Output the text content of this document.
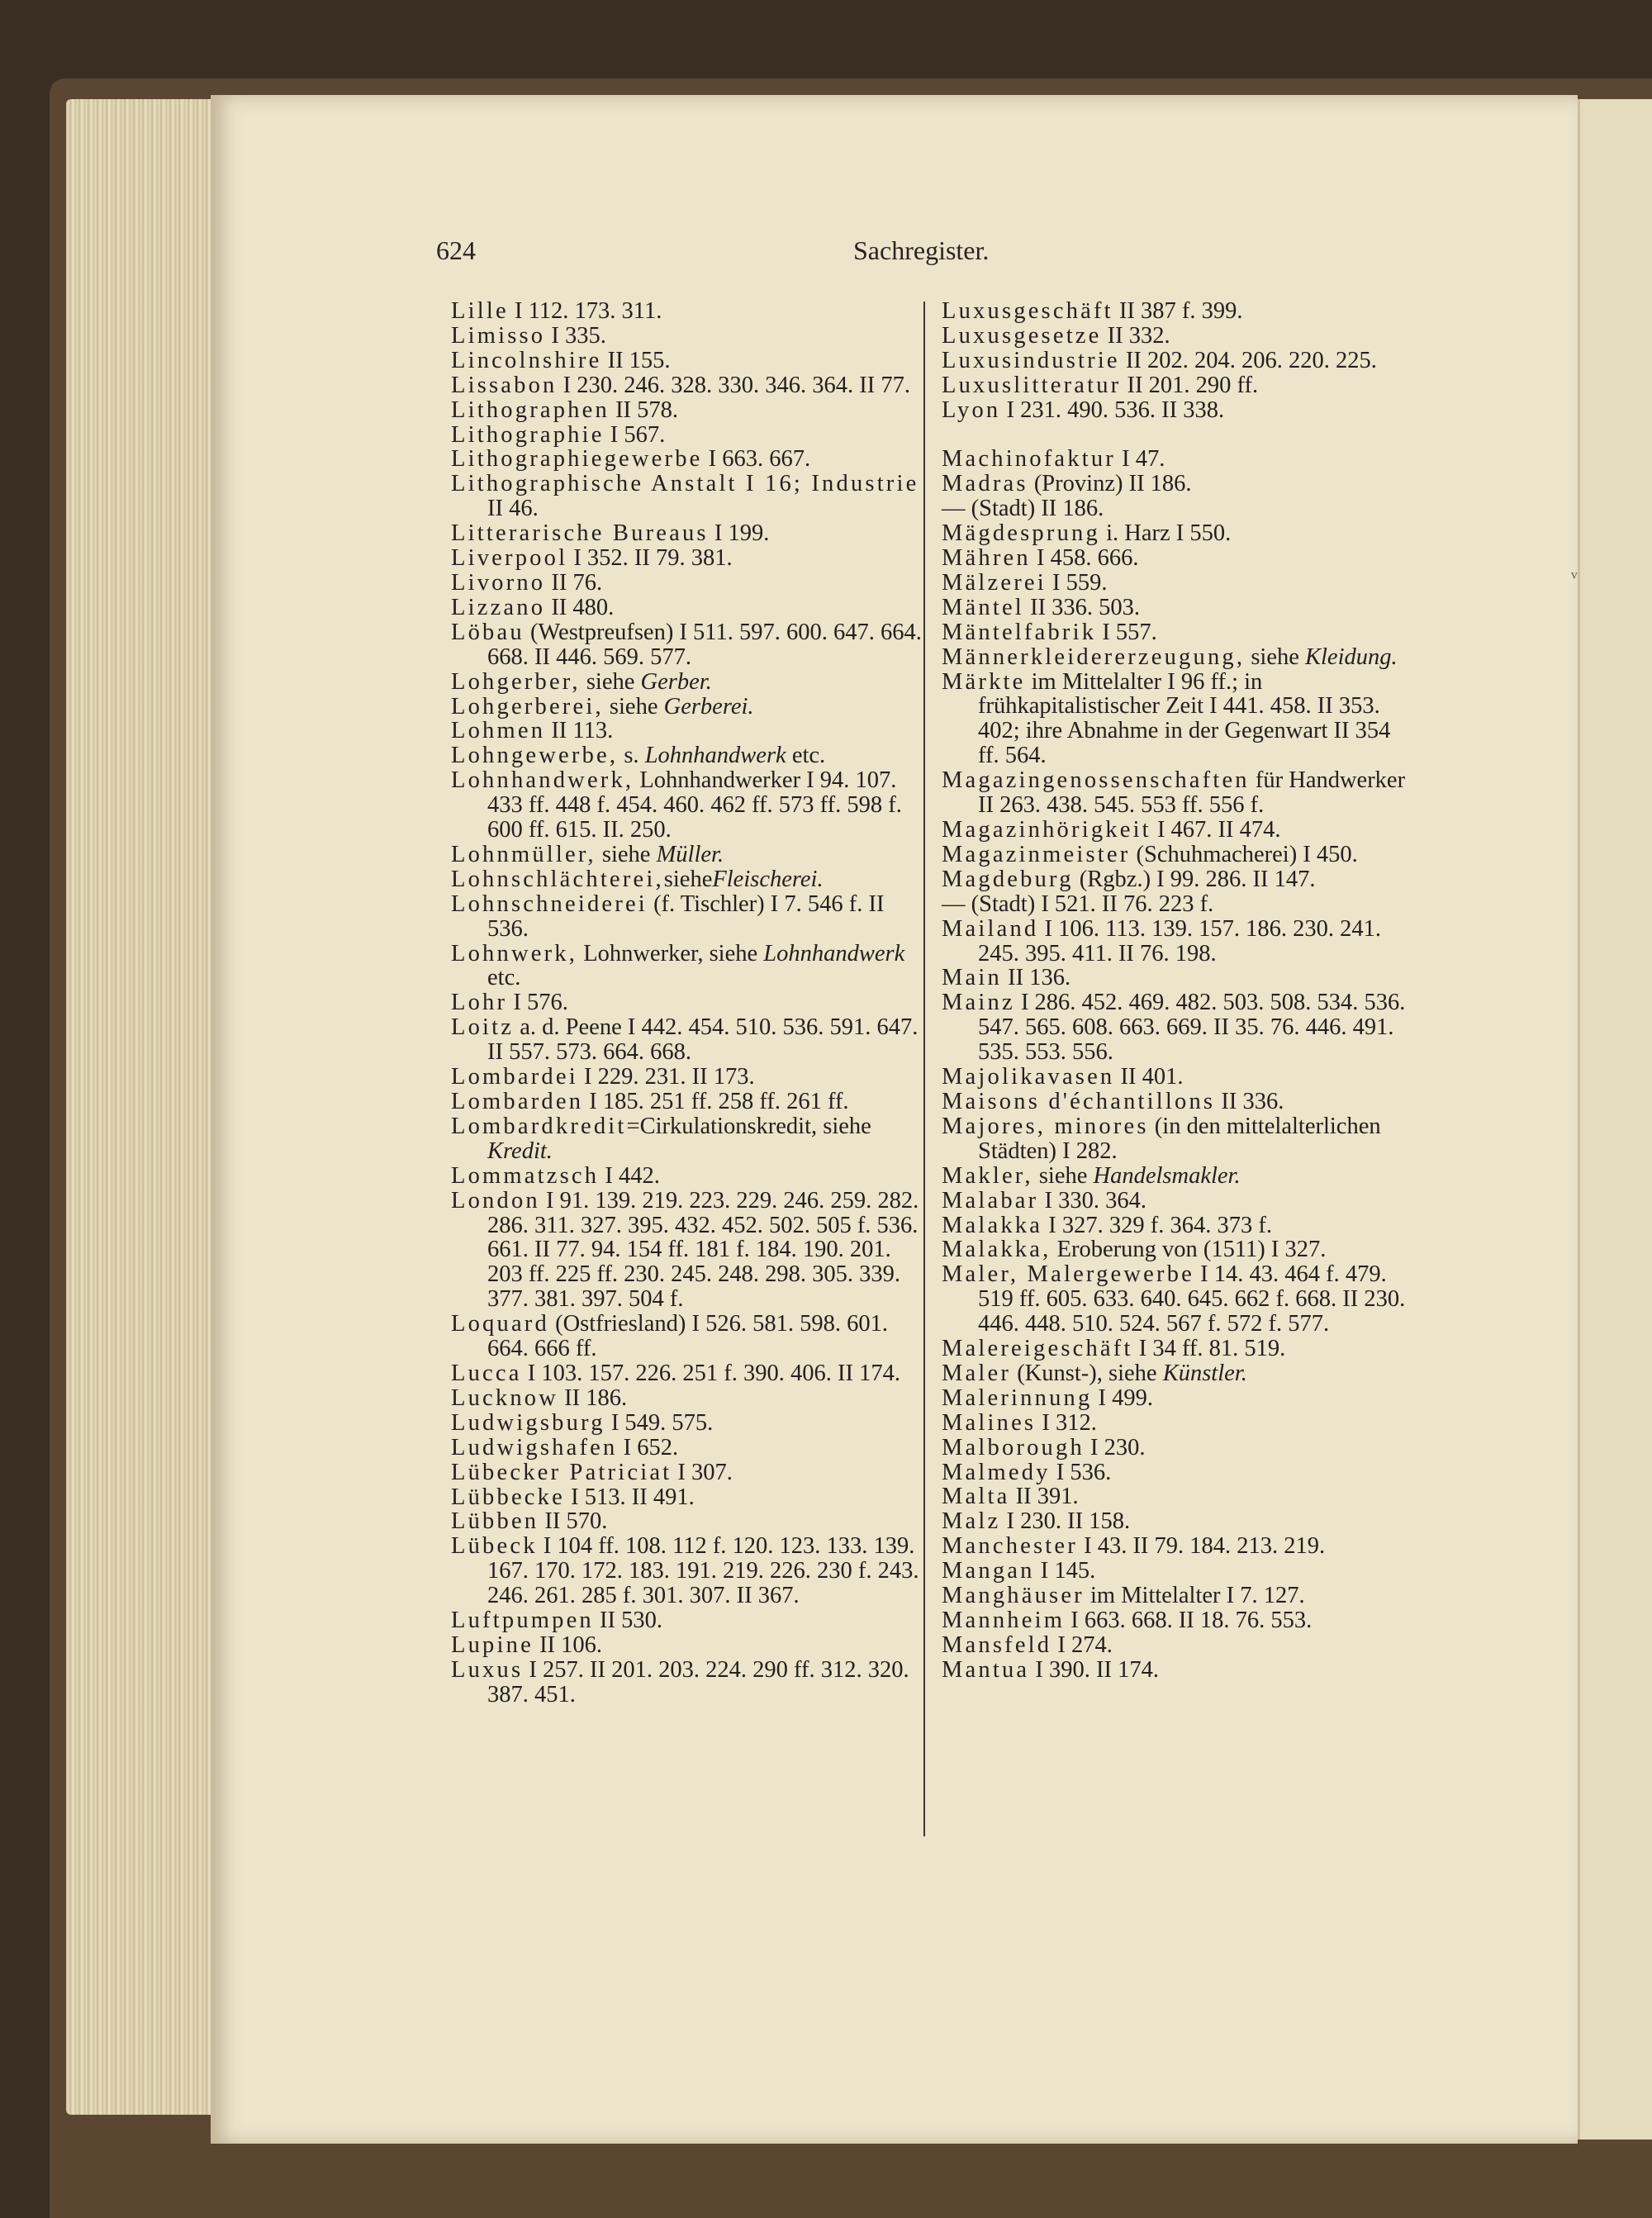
624	Sachregister.
Lille I 112. 173. 311.
Limisso I 335.
Lincolnshire II 155.
Lissabon I 230. 246. 328. 330. 346. 364. II 77.
Lithographen II 578.
Lithographie I 567.
Lithographiegewerbe I 663. 667.
Lithographische Anstalt I 16; Industrie II 46.
Litterarische Bureaus I 199.
Liverpool I 352. II 79. 381.
Livorno II 76.
Lizzano II 480.
Löbau (Westpreufsen) I 511. 597. 600. 647. 664. 668. II 446. 569. 577.
Lohgerber, siehe Gerber.
Lohgerberei, siehe Gerberei.
Lohmen II 113.
Lohngewerbe, s. Lohnhandwerk etc.
Lohnhandwerk, Lohnhandwerker I 94. 107. 433 ff. 448 f. 454. 460. 462 ff. 573 ff. 598 f. 600 ff. 615. II. 250.
Lohnmüller, siehe Müller.
Lohnschlächterei,sieheFleischerei.
Lohnschneiderei (f. Tischler) I 7. 546 f. II 536.
Lohnwerk, Lohnwerker, siehe Lohnhandwerk etc.
Lohr I 576.
Loitz a. d. Peene I 442. 454. 510. 536. 591. 647. II 557. 573. 664. 668.
Lombardei I 229. 231. II 173.
Lombarden I 185. 251 ff. 258 ff. 261 ff.
Lombardkredit=Cirkulationskredit, siehe Kredit.
Lommatzsch I 442.
London I 91. 139. 219. 223. 229. 246. 259. 282. 286. 311. 327. 395. 432. 452. 502. 505 f. 536. 661. II 77. 94. 154 ff. 181 f. 184. 190. 201. 203 ff. 225 ff. 230. 245. 248. 298. 305. 339. 377. 381. 397. 504 f.
Loquard (Ostfriesland) I 526. 581. 598. 601. 664. 666 ff.
Lucca I 103. 157. 226. 251 f. 390. 406. II 174.
Lucknow II 186.
Ludwigsburg I 549. 575.
Ludwigshafen I 652.
Lübecker Patriciat I 307.
Lübbecke I 513. II 491.
Lübben II 570.
Lübeck I 104 ff. 108. 112 f. 120. 123. 133. 139. 167. 170. 172. 183. 191. 219. 226. 230 f. 243. 246. 261. 285 f. 301. 307. II 367.
Luftpumpen II 530.
Lupine II 106.
Luxus I 257. II 201. 203. 224. 290 ff. 312. 320. 387. 451.
Luxusgeschäft II 387 f. 399.
Luxusgesetze II 332.
Luxusindustrie II 202. 204. 206. 220. 225.
Luxuslitteratur II 201. 290 ff.
Lyon I 231. 490. 536. II 338.
Machinofaktur I 47.
Madras (Provinz) II 186.
— (Stadt) II 186.
Mägdesprung i. Harz I 550.
Mähren I 458. 666.
Mälzerei I 559.
Mäntel II 336. 503.
Mäntelfabrik I 557.
Männerkleidererzeugung, siehe Kleidung.
Märkte im Mittelalter I 96 ff.; in frühkapitalistischer Zeit I 441. 458. II 353. 402; ihre Abnahme in der Gegenwart II 354 ff. 564.
Magazingenossenschaften für Handwerker II 263. 438. 545. 553 ff. 556 f.
Magazinhörigkeit I 467. II 474.
Magazinmeister (Schuhmacherei) I 450.
Magdeburg (Rgbz.) I 99. 286. II 147.
— (Stadt) I 521. II 76. 223 f.
Mailand I 106. 113. 139. 157. 186. 230. 241. 245. 395. 411. II 76. 198.
Main II 136.
Mainz I 286. 452. 469. 482. 503. 508. 534. 536. 547. 565. 608. 663. 669. II 35. 76. 446. 491. 535. 553. 556.
Majolikavasen II 401.
Maisons d'échantillons II 336.
Majores, minores (in den mittelalterlichen Städten) I 282.
Makler, siehe Handelsmakler.
Malabar I 330. 364.
Malakka I 327. 329 f. 364. 373 f.
Malakka, Eroberung von (1511) I 327.
Maler, Malergewerbe I 14. 43. 464 f. 479. 519 ff. 605. 633. 640. 645. 662 f. 668. II 230. 446. 448. 510. 524. 567 f. 572 f. 577.
Malereigeschäft I 34 ff. 81. 519.
Maler (Kunst-), siehe Künstler.
Malerinnung I 499.
Malines I 312.
Malborough I 230.
Malmedy I 536.
Malta II 391.
Malz I 230. II 158.
Manchester I 43. II 79. 184. 213. 219.
Mangan I 145.
Manghäuser im Mittelalter I 7. 127.
Mannheim I 663. 668. II 18. 76. 553.
Mansfeld I 274.
Mantua I 390. II 174.
ᵥ
